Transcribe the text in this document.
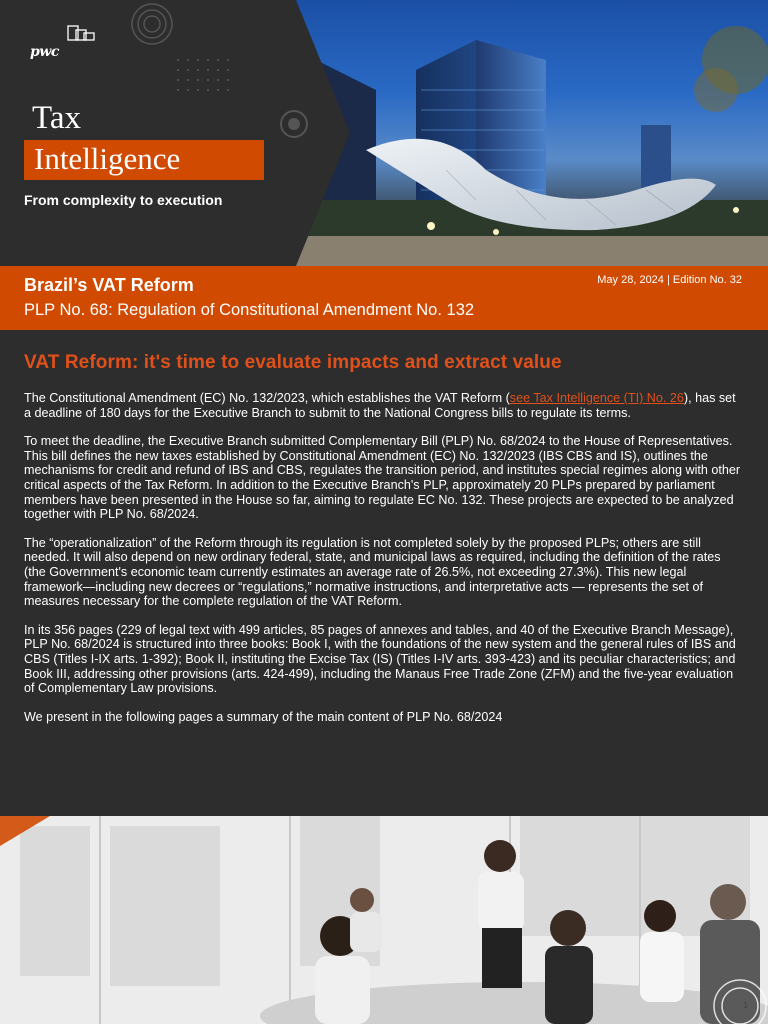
pwc
Tax
Intelligence
From complexity to execution
Brazil’s VAT Reform
PLP No. 68: Regulation of Constitutional Amendment No. 132
May 28, 2024 | Edition No. 32
VAT Reform: it's time to evaluate impacts and extract value

The Constitutional Amendment (EC) No. 132/2023, which establishes the VAT Reform (see Tax Intelligence (TI) No. 26), has set a deadline of 180 days for the Executive Branch to submit to the National Congress bills to regulate its terms.

To meet the deadline, the Executive Branch submitted Complementary Bill (PLP) No. 68/2024 to the House of Representatives. This bill defines the new taxes established by Constitutional Amendment (EC) No. 132/2023 (IBS CBS and IS), outlines the mechanisms for credit and refund of IBS and CBS, regulates the transition period, and institutes special regimes along with other critical aspects of the Tax Reform. In addition to the Executive Branch's PLP, approximately 20 PLPs prepared by parliament members have been presented in the House so far, aiming to regulate EC No. 132. These projects are expected to be analyzed together with PLP No. 68/2024.

The “operationalization” of the Reform through its regulation is not completed solely by the proposed PLPs; others are still needed. It will also depend on new ordinary federal, state, and municipal laws as required, including the definition of the rates (the Government's economic team currently estimates an average rate of 26.5%, not exceeding 27.3%). This new legal framework—including new decrees or “regulations,” normative instructions, and interpretative acts — represents the set of measures necessary for the complete regulation of the VAT Reform.

In its 356 pages (229 of legal text with 499 articles, 85 pages of annexes and tables, and 40 of the Executive Branch Message), PLP No. 68/2024 is structured into three books: Book I, with the foundations of the new system and the general rules of IBS and CBS (Titles I-IX arts. 1-392); Book II, instituting the Excise Tax (IS) (Titles I-IV arts. 393-423) and its peculiar characteristics; and Book III, addressing other provisions (arts. 424-499), including the Manaus Free Trade Zone (ZFM) and the five-year evaluation of Complementary Law provisions.

We present in the following pages a summary of the main content of PLP No. 68/2024

1
